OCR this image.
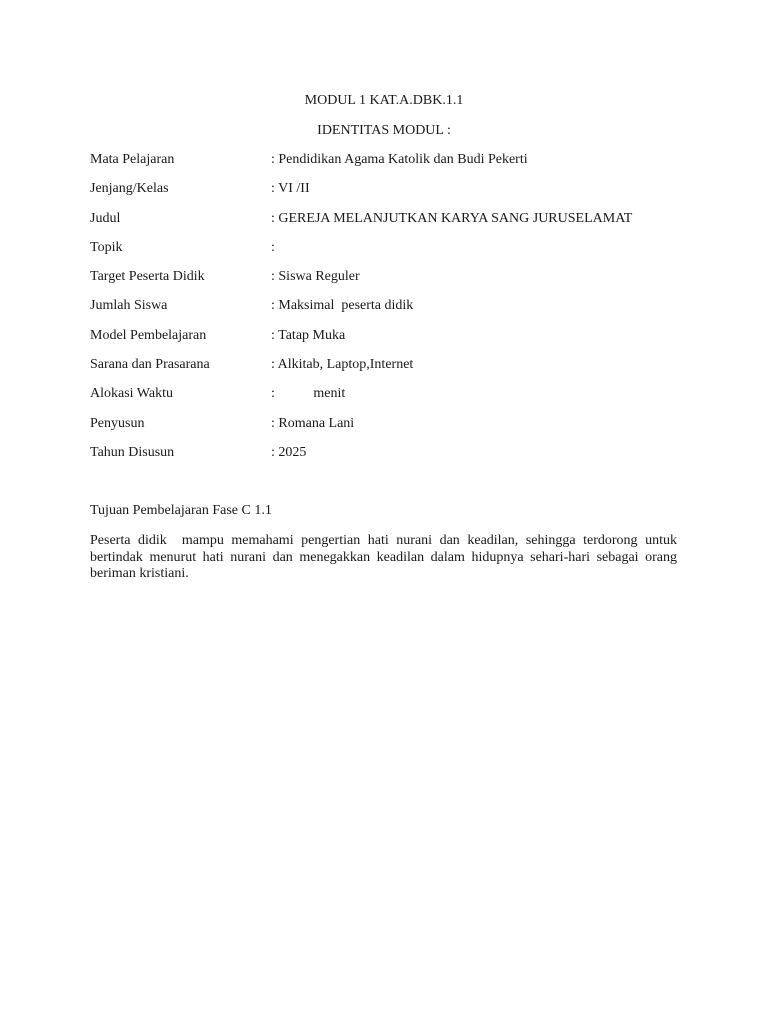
MODUL 1 KAT.A.DBK.1.1
IDENTITAS MODUL :
Mata Pelajaran	: Pendidikan Agama Katolik dan Budi Pekerti
Jenjang/Kelas	: VI /II
Judul	: GEREJA MELANJUTKAN KARYA SANG JURUSELAMAT
Topik	:
Target Peserta Didik	: Siswa Reguler
Jumlah Siswa	: Maksimal  peserta didik
Model Pembelajaran	: Tatap Muka
Sarana dan Prasarana	: Alkitab, Laptop,Internet
Alokasi Waktu	:           menit
Penyusun	: Romana Lani
Tahun Disusun	: 2025
Tujuan Pembelajaran Fase C 1.1
Peserta didik  mampu memahami pengertian hati nurani dan keadilan, sehingga terdorong untuk bertindak menurut hati nurani dan menegakkan keadilan dalam hidupnya sehari-hari sebagai orang beriman kristiani.
